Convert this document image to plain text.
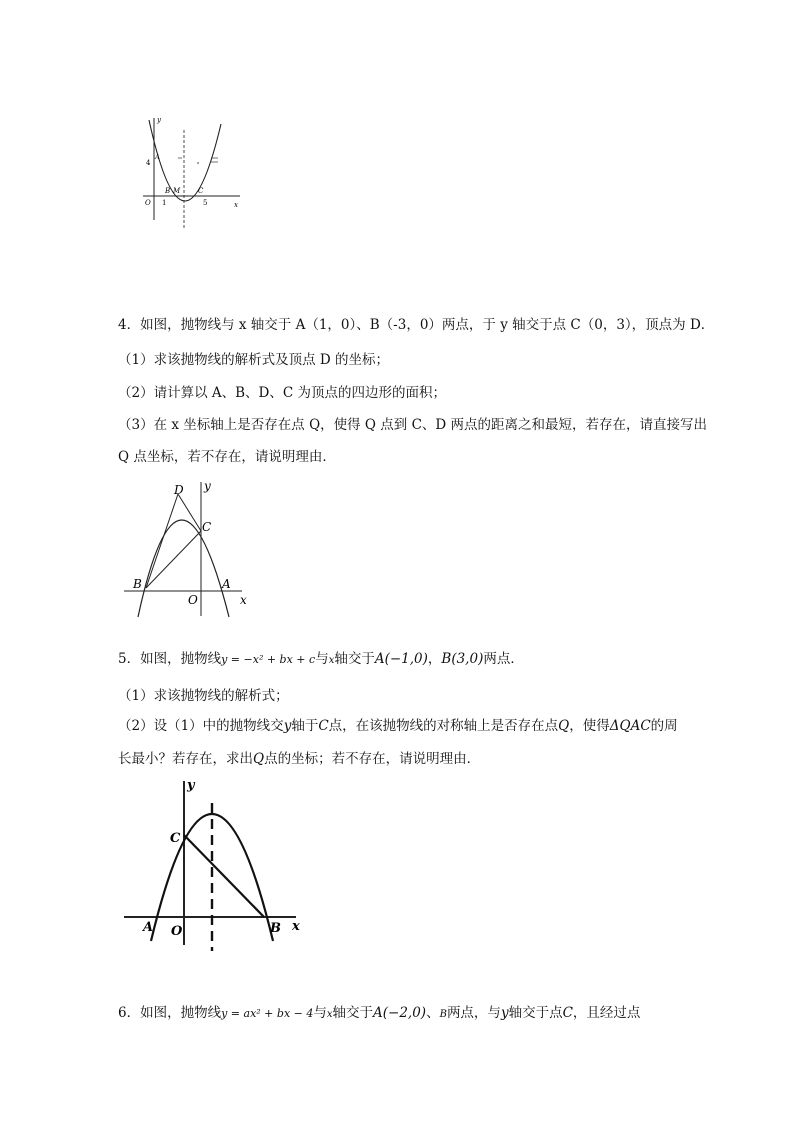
y
4
A
O 1
B M	C
5	x
4．如图，抛物线与 x 轴交于 A（1，0）、B（-3，0）两点，于 y 轴交于点 C（0，3），顶点为 D．
（1）求该抛物线的解析式及顶点 D 的坐标；
（2）请计算以 A、B、D、C 为顶点的四边形的面积；
（3）在 x 坐标轴上是否存在点 Q，使得 Q 点到 C、D 两点的距离之和最短，若存在，请直接写出
Q 点坐标，若不存在，请说明理由．
D y
C
B	A
O	x
5．如图，抛物线y = −x² + bx + c与x轴交于A(−1,0)，B(3,0)两点．
（1）求该抛物线的解析式；
（2）设（1）中的抛物线交y轴于C点，在该抛物线的对称轴上是否存在点Q，使得ΔQAC的周
长最小？若存在，求出Q点的坐标；若不存在，请说明理由．
y
C
A O	B x
6．如图，抛物线y = ax² + bx − 4与x轴交于A(−2,0)、B两点，与y轴交于点C，且经过点
